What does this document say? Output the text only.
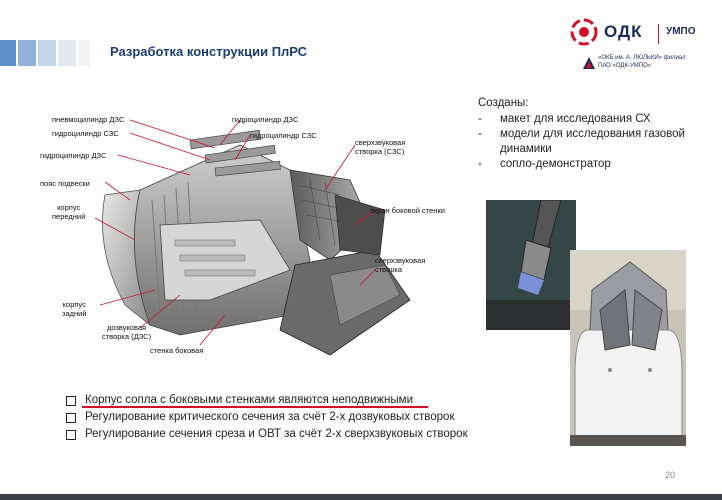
Разработка конструкции ПлРС
ОДК УМПО
«ОКБ им. А. ЛЮЛЬКИ» филиал
ПАО «ОДК-УМПО»
пневмоцилиндр ДЗС
гидроцилиндр СЗС
гидроцилиндр ДЗС
гидроцилиндр ДЗС
гидроцилиндр СЗС
сверхзвуковая
створка (СЗС)
пояс подвески
корпус
передний
экран боковой стенки
сверхзвуковая
створка
корпус
задний
дозвуковая
створка (ДЗС)
стенка боковая
Созданы:
- макет для исследования СХ
- модели для исследования газовой
динамики
- сопло-демонстратор
Корпус сопла с боковыми стенками являются неподвижными
Регулирование критического сечения за счёт 2-х дозвуковых створок
Регулирование сечения среза и ОВТ за счёт 2-х сверхзвуковых створок
20
